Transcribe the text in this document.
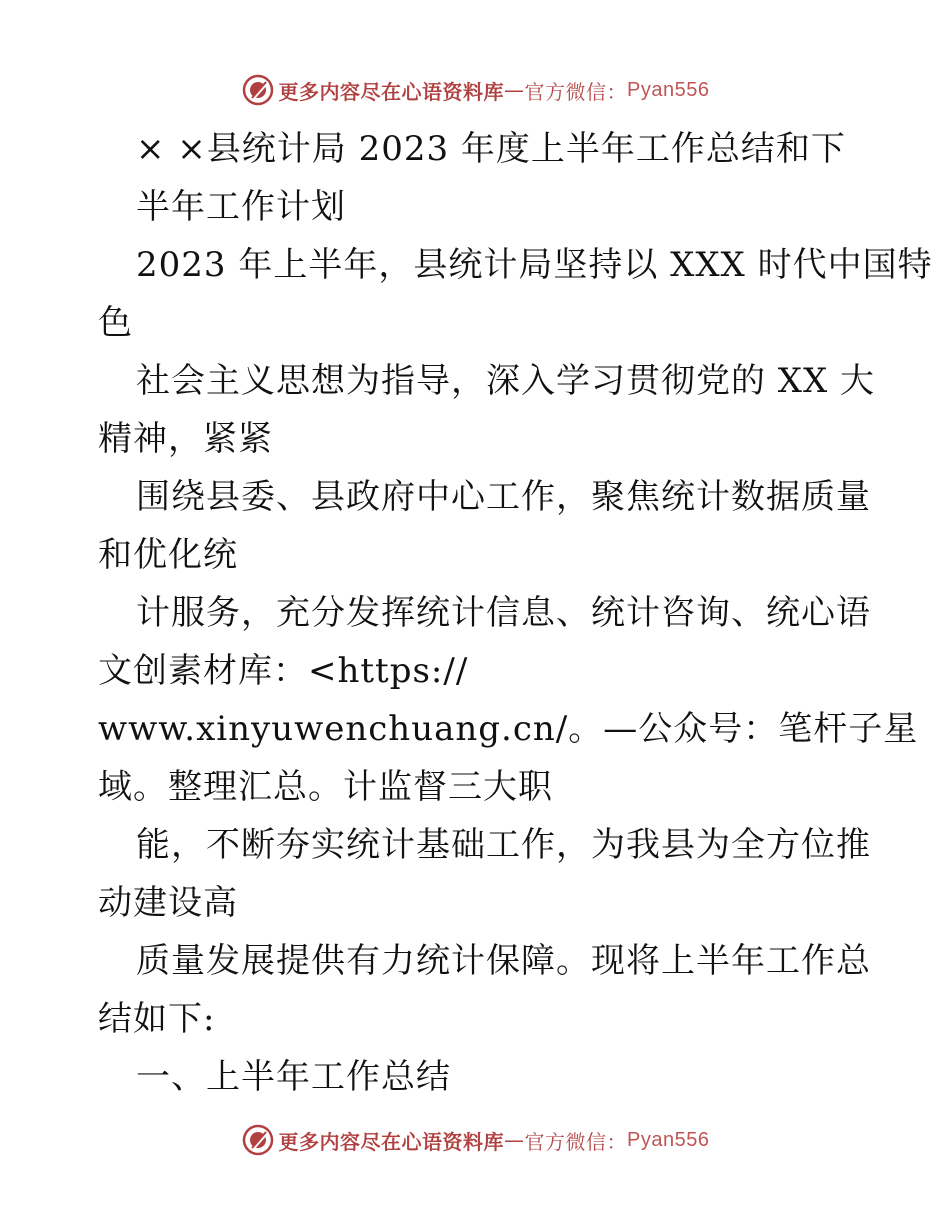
更多内容尽在心语资料库 — 官方微信： Pyan556
× ×县统计局 2023 年度上半年工作总结和下
半年工作计划
2023 年上半年，县统计局坚持以 XXX 时代中国特
色
社会主义思想为指导，深入学习贯彻党的 XX 大
精神，紧紧
围绕县委、县政府中心工作，聚焦统计数据质量
和优化统
计服务，充分发挥统计信息、统计咨询、统心语
文创素材库：<https://
www.xinyuwenchuang.cn/。—公众号：笔杆子星
域。整理汇总。计监督三大职
能，不断夯实统计基础工作，为我县为全方位推
动建设高
质量发展提供有力统计保障。现将上半年工作总
结如下:
一、上半年工作总结
更多内容尽在心语资料库 — 官方微信： Pyan556
